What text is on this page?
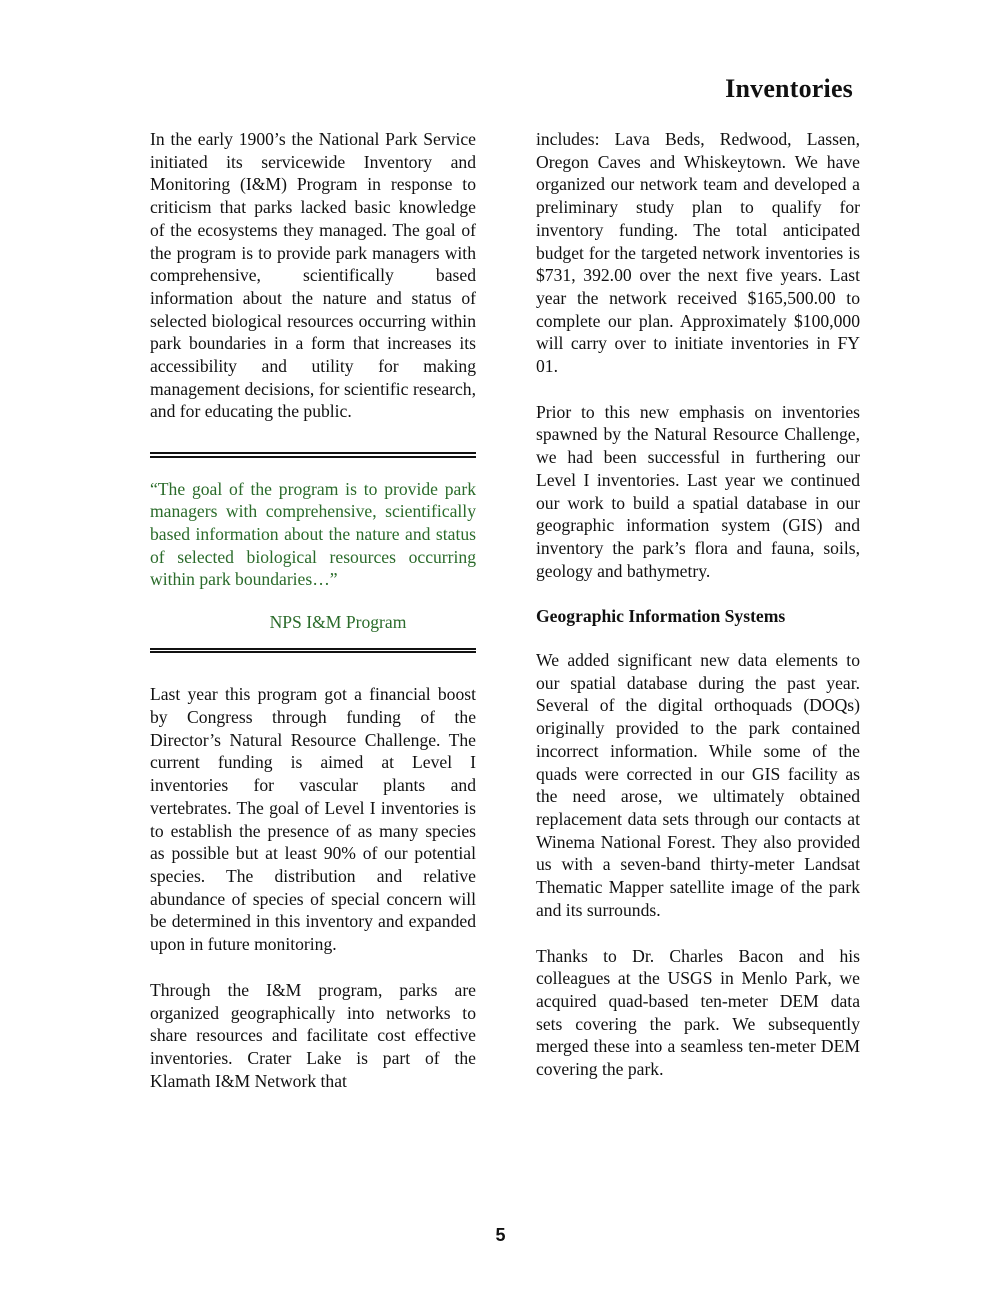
Inventories

In the early 1900’s the National Park Service initiated its servicewide Inventory and Monitoring (I&M) Program in response to criticism that parks lacked basic knowledge of the ecosystems they managed. The goal of the program is to provide park managers with comprehensive, scientifically based information about the nature and status of selected biological resources occurring within park boundaries in a form that increases its accessibility and utility for making management decisions, for scientific research, and for educating the public.

“The goal of the program is to provide park managers with comprehensive, scientifically based information about the nature and status of selected biological resources occurring within park boundaries…”

NPS I&M Program

Last year this program got a financial boost by Congress through funding of the Director’s Natural Resource Challenge. The current funding is aimed at Level I inventories for vascular plants and vertebrates. The goal of Level I inventories is to establish the presence of as many species as possible but at least 90% of our potential species. The distribution and relative abundance of species of special concern will be determined in this inventory and expanded upon in future monitoring.

Through the I&M program, parks are organized geographically into networks to share resources and facilitate cost effective inventories. Crater Lake is part of the Klamath I&M Network that

includes: Lava Beds, Redwood, Lassen, Oregon Caves and Whiskeytown. We have organized our network team and developed a preliminary study plan to qualify for inventory funding. The total anticipated budget for the targeted network inventories is $731, 392.00 over the next five years. Last year the network received $165,500.00 to complete our plan. Approximately $100,000 will carry over to initiate inventories in FY 01.

Prior to this new emphasis on inventories spawned by the Natural Resource Challenge, we had been successful in furthering our Level I inventories. Last year we continued our work to build a spatial database in our geographic information system (GIS) and inventory the park’s flora and fauna, soils, geology and bathymetry.

Geographic Information Systems

We added significant new data elements to our spatial database during the past year. Several of the digital orthoquads (DOQs) originally provided to the park contained incorrect information. While some of the quads were corrected in our GIS facility as the need arose, we ultimately obtained replacement data sets through our contacts at Winema National Forest. They also provided us with a seven-band thirty-meter Landsat Thematic Mapper satellite image of the park and its surrounds.

Thanks to Dr. Charles Bacon and his colleagues at the USGS in Menlo Park, we acquired quad-based ten-meter DEM data sets covering the park. We subsequently merged these into a seamless ten-meter DEM covering the park.

5
